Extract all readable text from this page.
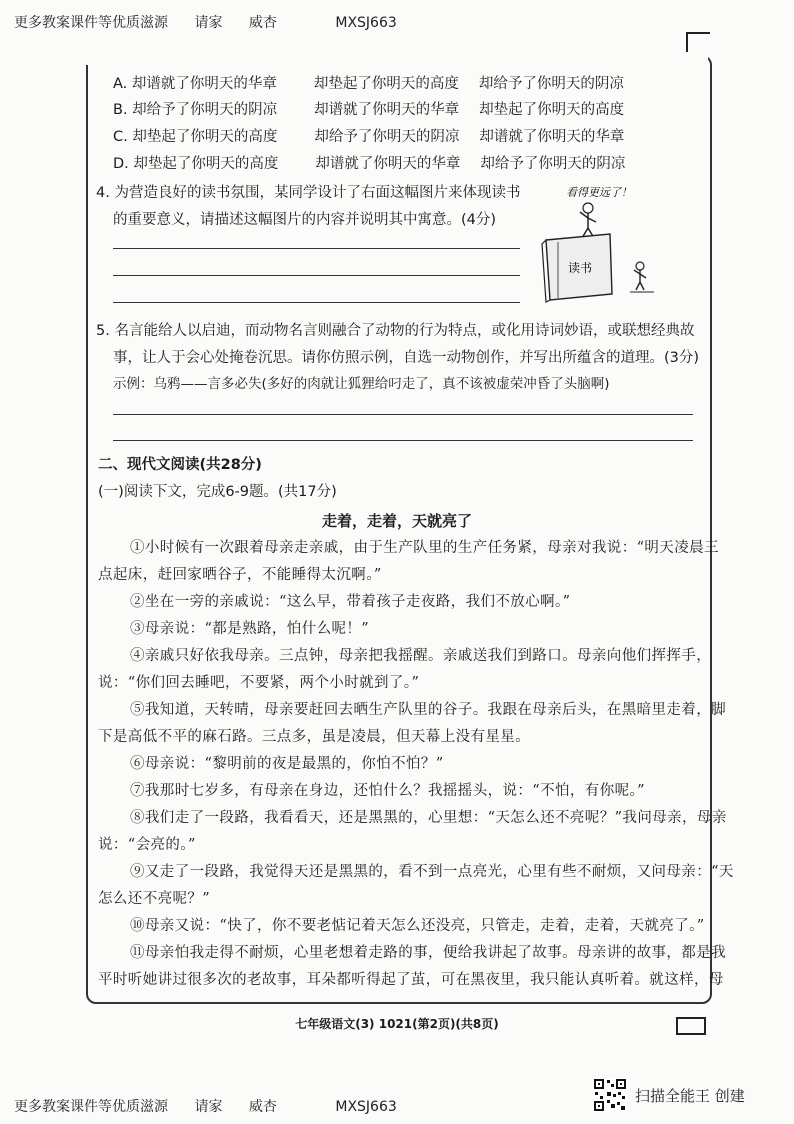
更多教案课件等优质滋源 请家 威杏	MXSJ663
A. 却谱就了你明天的华章	却垫起了你明天的高度 却给予了你明天的阴凉
B. 却给予了你明天的阴凉	却谱就了你明天的华章 却垫起了你明天的高度
C. 却垫起了你明天的高度	却给予了你明天的阴凉 却谱就了你明天的华章
D. 却垫起了你明天的高度	却谱就了你明天的华章 却给予了你明天的阴凉
4. 为营造良好的读书氛围，某同学设计了右面这幅图片来体现读书
的重要意义，请描述这幅图片的内容并说明其中寓意。(4分)
看得更远了！
读书
5. 名言能给人以启迪，而动物名言则融合了动物的行为特点，或化用诗词妙语，或联想经典故
事，让人于会心处掩卷沉思。请你仿照示例，自选一动物创作，并写出所蕴含的道理。(3分)
示例：乌鸦——言多必失(多好的肉就让狐狸给叼走了，真不该被虚荣冲昏了头脑啊)
二、现代文阅读(共28分)
(一)阅读下文，完成6-9题。(共17分)
走着，走着，天就亮了
①小时候有一次跟着母亲走亲戚，由于生产队里的生产任务紧，母亲对我说：“明天凌晨三
点起床，赶回家晒谷子，不能睡得太沉啊。”
②坐在一旁的亲戚说：“这么早，带着孩子走夜路，我们不放心啊。”
③母亲说：“都是熟路，怕什么呢！”
④亲戚只好依我母亲。三点钟，母亲把我摇醒。亲戚送我们到路口。母亲向他们挥挥手，
说：“你们回去睡吧，不要紧，两个小时就到了。”
⑤我知道，天转晴，母亲要赶回去晒生产队里的谷子。我跟在母亲后头，在黑暗里走着，脚
下是高低不平的麻石路。三点多，虽是凌晨，但天幕上没有星星。
⑥母亲说：“黎明前的夜是最黑的，你怕不怕？”
⑦我那时七岁多，有母亲在身边，还怕什么？我摇摇头，说：“不怕，有你呢。”
⑧我们走了一段路，我看看天，还是黑黑的，心里想：“天怎么还不亮呢？”我问母亲，母亲
说：“会亮的。”
⑨又走了一段路，我觉得天还是黑黑的，看不到一点亮光，心里有些不耐烦，又问母亲：“天
怎么还不亮呢？”
⑩母亲又说：“快了，你不要老惦记着天怎么还没亮，只管走，走着，走着，天就亮了。”
⑪母亲怕我走得不耐烦，心里老想着走路的事，便给我讲起了故事。母亲讲的故事，都是我
平时听她讲过很多次的老故事，耳朵都听得起了茧，可在黑夜里，我只能认真听着。就这样，母
七年级语文(3) 1021(第2页)(共8页)
更多教案课件等优质滋源 请家 威杏	MXSJ663
扫描全能王 创建
